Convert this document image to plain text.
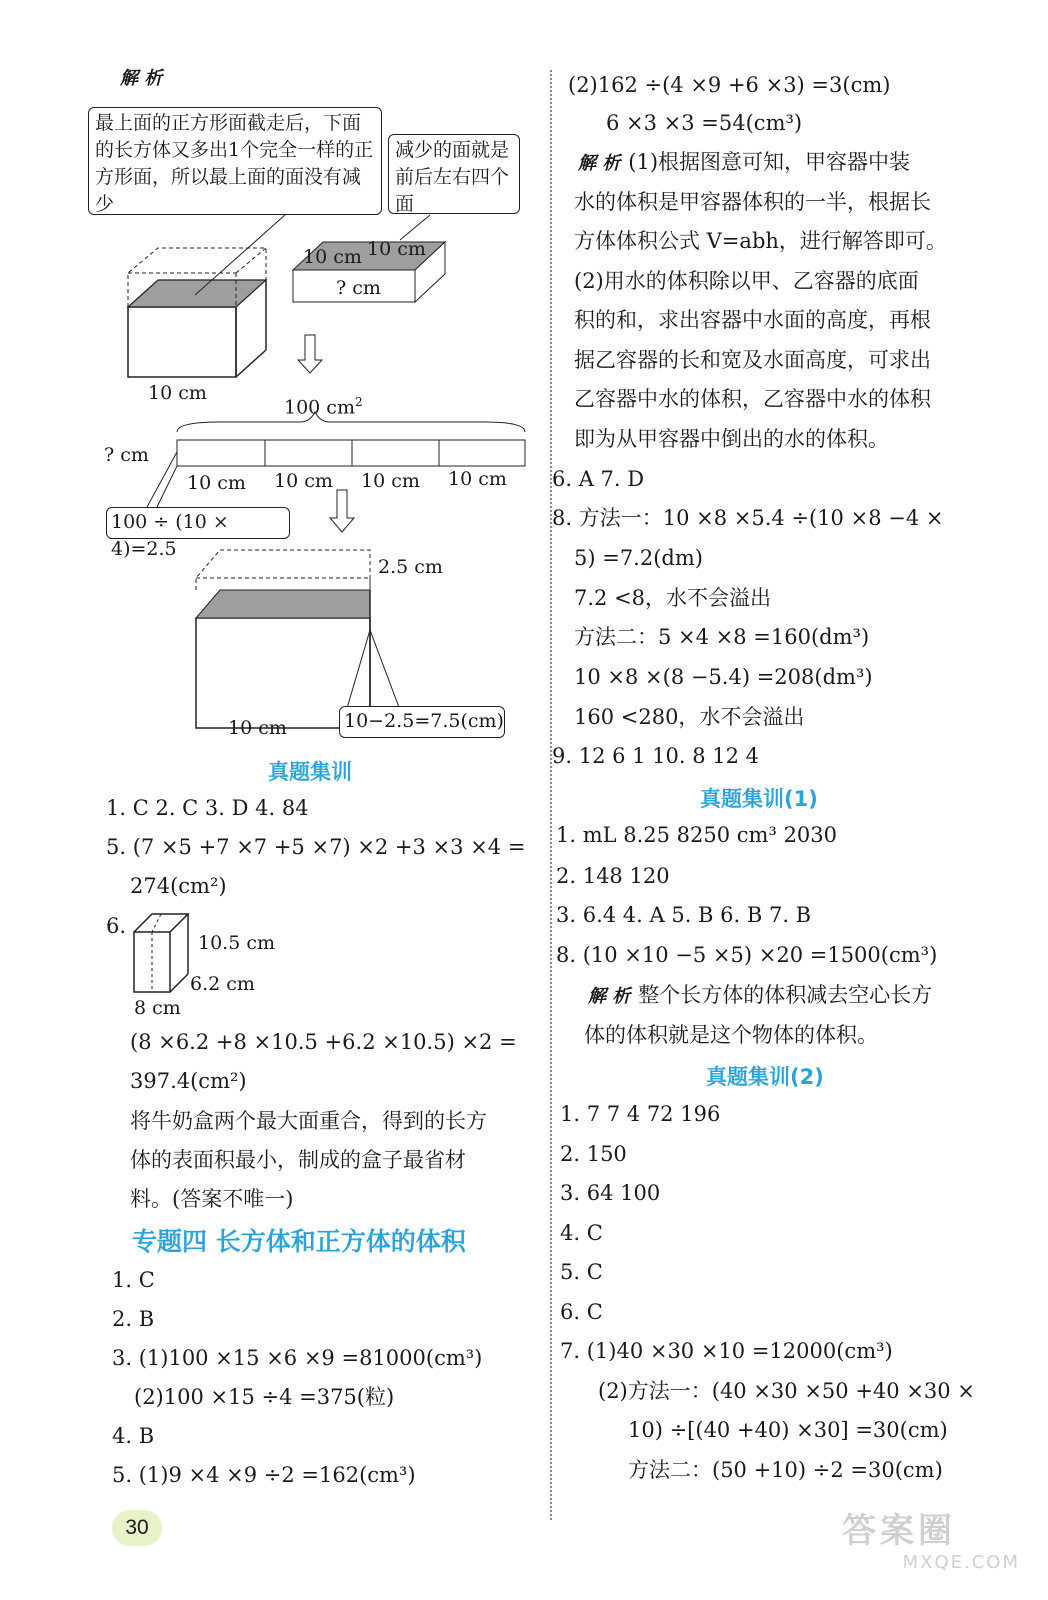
解 析
最上面的正方形面截走后，下面的长方体又多出1个完全一样的正方形面，所以最上面的面没有减少
减少的面就是前后左右四个面
10 cm 10 cm
? cm
10 cm
100 $cm^2$
? cm
10 cm 10 cm 10 cm 10 cm
100 ÷ (10 × 4)=2.5
2.5 cm
10 cm	10−2.5=7.5(cm)
真题集训
1. C 2. C 3. D 4. 84
5. (7 ×5 +7 ×7 +5 ×7) ×2 +3 ×3 ×4 =
274(cm²)
6.
10.5 cm
6.2 cm
8 cm
(8 ×6.2 +8 ×10.5 +6.2 ×10.5) ×2 =
397.4(cm²)
将牛奶盒两个最大面重合，得到的长方
体的表面积最小，制成的盒子最省材
料。(答案不唯一)
专题四 长方体和正方体的体积
1. C
2. B
3. (1)100 ×15 ×6 ×9 =81000(cm³)
(2)100 ×15 ÷4 =375(粒)
4. B
5. (1)9 ×4 ×9 ÷2 =162(cm³)
30
(2)162 ÷(4 ×9 +6 ×3) =3(cm)
6 ×3 ×3 =54(cm³)
解 析 (1)根据图意可知，甲容器中装
水的体积是甲容器体积的一半，根据长
方体体积公式 V=abh，进行解答即可。
(2)用水的体积除以甲、乙容器的底面
积的和，求出容器中水面的高度，再根
据乙容器的长和宽及水面高度，可求出
乙容器中水的体积，乙容器中水的体积
即为从甲容器中倒出的水的体积。
6. A 7. D
8. 方法一：10 ×8 ×5.4 ÷(10 ×8 −4 ×
5) =7.2(dm)
7.2 <8，水不会溢出
方法二：5 ×4 ×8 =160(dm³)
10 ×8 ×(8 −5.4) =208(dm³)
160 <280，水不会溢出
9. 12 6 1 10. 8 12 4
真题集训(1)
1. mL 8.25 8250 cm³ 2030
2. 148 120
3. 6.4 4. A 5. B 6. B 7. B
8. (10 ×10 −5 ×5) ×20 =1500(cm³)
解 析 整个长方体的体积减去空心长方
体的体积就是这个物体的体积。
真题集训(2)
1. 7 7 4 72 196
2. 150
3. 64 100
4. C
5. C
6. C
7. (1)40 ×30 ×10 =12000(cm³)
(2)方法一：(40 ×30 ×50 +40 ×30 ×
10) ÷[(40 +40) ×30] =30(cm)
方法二：(50 +10) ÷2 =30(cm)
答案圈
MXQE.COM
